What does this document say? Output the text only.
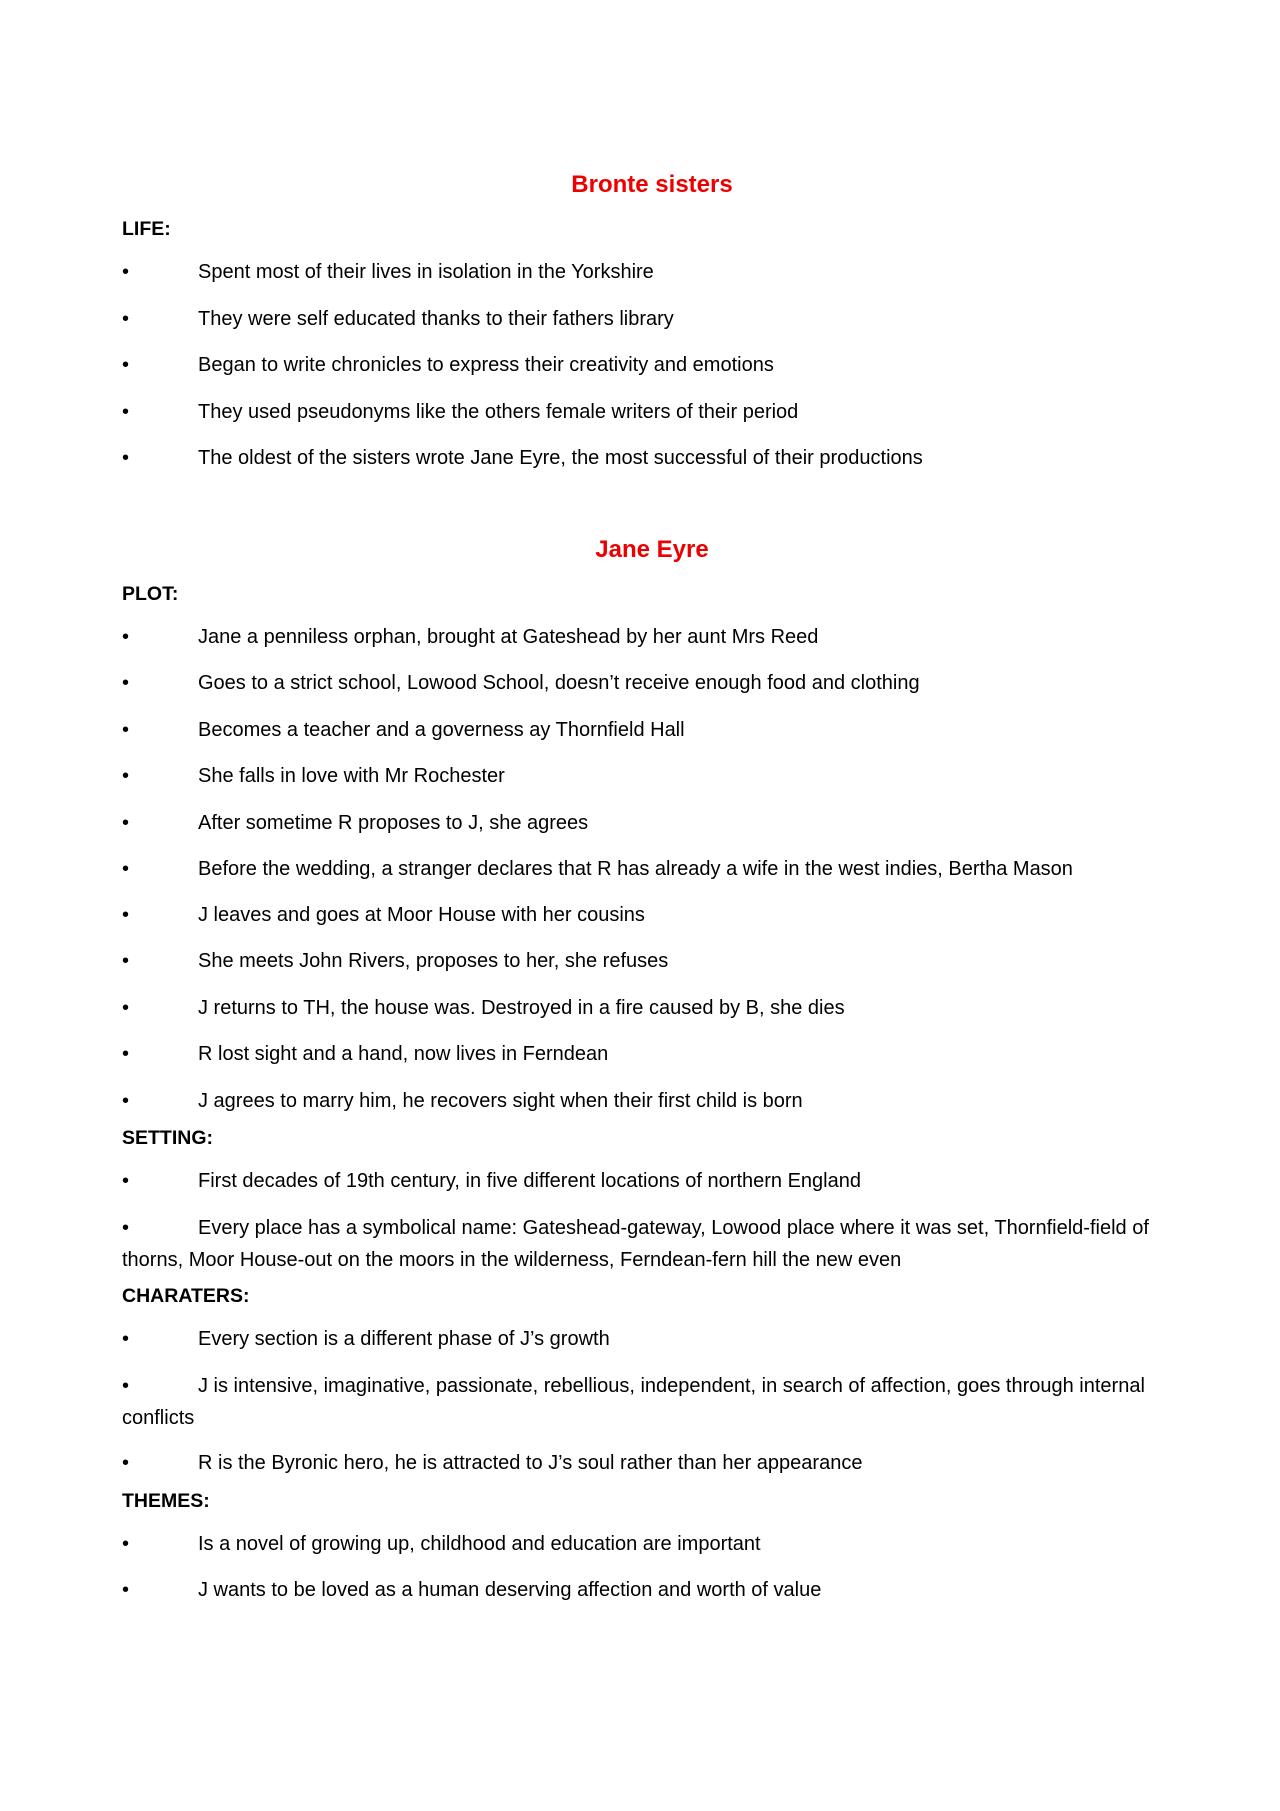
Bronte sisters
LIFE:
•	Spent most of their lives in isolation in the Yorkshire
•	They were self educated thanks to their fathers library
•	Began to write chronicles to express their creativity and emotions
•	They used pseudonyms like the others female writers of their period
•	The oldest of the sisters wrote Jane Eyre, the most successful of their productions
Jane Eyre
PLOT:
•	Jane a penniless orphan, brought at Gateshead by her aunt Mrs Reed
•	Goes to a strict school, Lowood School, doesn’t receive enough food and clothing
•	Becomes a teacher and a governess ay Thornfield Hall
•	She falls in love with Mr Rochester
•	After sometime R proposes to J, she agrees
•	Before the wedding, a stranger declares that R has already a wife in the west indies, Bertha Mason
•	J leaves and goes at Moor House with her cousins
•	She meets John Rivers, proposes to her, she refuses
•	J returns to TH, the house was. Destroyed in a fire caused by B, she dies
•	R lost sight and a hand, now lives in Ferndean
•	J agrees to marry him, he recovers sight when their first child is born
SETTING:
•	First decades of 19th century, in five different locations of northern England
•	Every place has a symbolical name: Gateshead-gateway, Lowood place where it was set, Thornfield-field of thorns, Moor House-out on the moors in the wilderness, Ferndean-fern hill the new even
CHARATERS:
•	Every section is a different phase of J’s growth
•	J is intensive, imaginative, passionate, rebellious, independent, in search of affection, goes through internal conflicts
•	R is the Byronic hero, he is attracted to J’s soul rather than her appearance
THEMES:
•	Is a novel of growing up, childhood and education are important
•	J wants to be loved as a human deserving affection and worth of value
